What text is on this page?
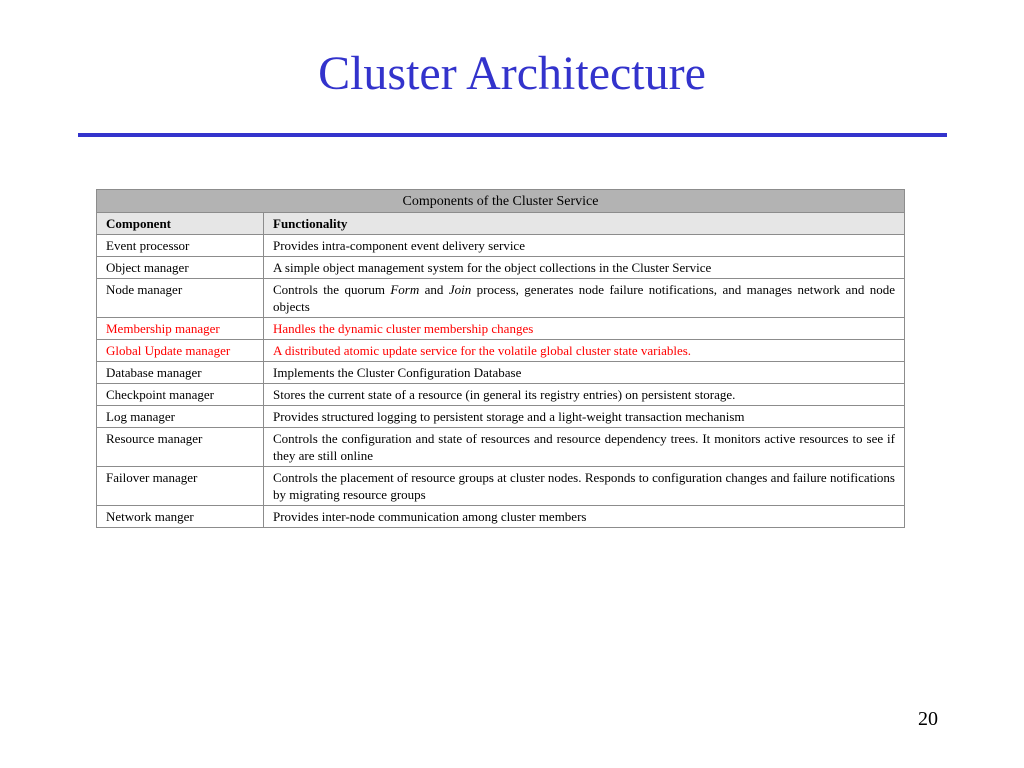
Cluster Architecture
Components of the Cluster Service	
Component	Functionality
Event processor	Provides intra-component event delivery service
Object manager	A simple object management system for the object collections in the Cluster Service
Node manager	Controls the quorum Form and Join process, generates node failure notifications, and manages network and node objects
Membership manager	Handles the dynamic cluster membership changes
Global Update manager	A distributed atomic update service for the volatile global cluster state variables.
Database manager	Implements the Cluster Configuration Database
Checkpoint manager	Stores the current state of a resource (in general its registry entries) on persistent storage.
Log manager	Provides structured logging to persistent storage and a light-weight transaction mechanism
Resource manager	Controls the configuration and state of resources and resource dependency trees. It monitors active resources to see if they are still online
Failover manager	Controls the placement of resource groups at cluster nodes. Responds to configuration changes and failure notifications by migrating resource groups
Network manger	Provides inter-node communication among cluster members
20
